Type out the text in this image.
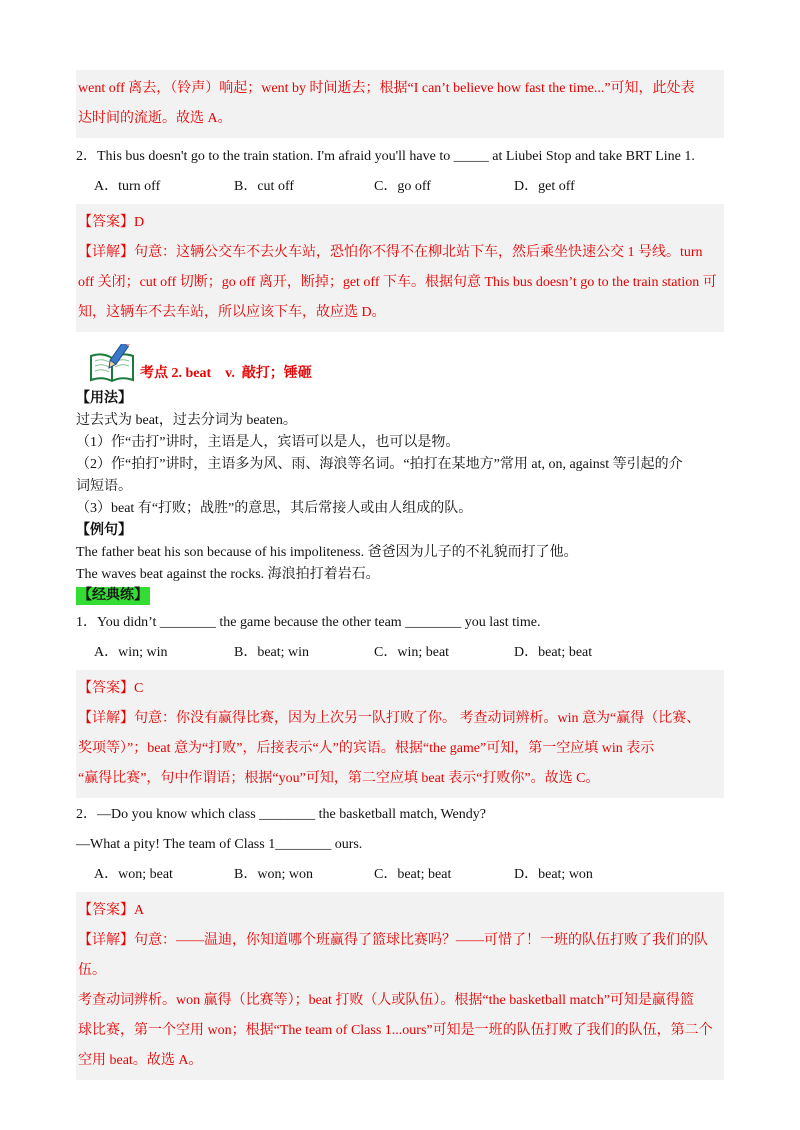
went off 离去，（铃声）响起；went by 时间逝去；根据“I can’t believe how fast the time...”可知，此处表

达时间的流逝。故选 A。

2．This bus doesn't go to the train station. I'm afraid you'll have to _____ at Liubei Stop and take BRT Line 1.

A．turn off	B．cut off	C．go off	D．get off

【答案】D

【详解】句意：这辆公交车不去火车站，恐怕你不得不在柳北站下车，然后乘坐快速公交 1 号线。turn

off 关闭；cut off 切断；go off 离开，断掉；get off 下车。根据句意 This bus doesn’t go to the train station 可

知，这辆车不去车站，所以应该下车，故应选 D。

考点 2. beat    v.  敲打；锤砸

【用法】

过去式为 beat，过去分词为 beaten。

（1）作“击打”讲时，主语是人，宾语可以是人，也可以是物。

（2）作“拍打”讲时，主语多为风、雨、海浪等名词。“拍打在某地方”常用 at, on, against 等引起的介

词短语。

（3）beat 有“打败；战胜”的意思，其后常接人或由人组成的队。

【例句】

The father beat his son because of his impoliteness. 爸爸因为儿子的不礼貌而打了他。

The waves beat against the rocks. 海浪拍打着岩石。

【经典练】

1．You didn’t ________ the game because the other team ________ you last time.

A．win; win	B．beat; win	C．win; beat	D．beat; beat

【答案】C

【详解】句意：你没有赢得比赛，因为上次另一队打败了你。 考查动词辨析。win 意为“赢得（比赛、

奖项等）”；beat 意为“打败”，后接表示“人”的宾语。根据“the game”可知，第一空应填 win 表示

“赢得比赛”，句中作谓语；根据“you”可知，第二空应填 beat 表示“打败你”。故选 C。

2．—Do you know which class ________ the basketball match, Wendy?

—What a pity! The team of Class 1________ ours.

A．won; beat	B．won; won	C．beat; beat	D．beat; won

【答案】A

【详解】句意：——温迪，你知道哪个班赢得了篮球比赛吗？——可惜了！一班的队伍打败了我们的队

伍。

考查动词辨析。won 赢得（比赛等）；beat 打败（人或队伍）。根据“the basketball match”可知是赢得篮

球比赛，第一个空用 won；根据“The team of Class 1...ours”可知是一班的队伍打败了我们的队伍，第二个

空用 beat。故选 A。
